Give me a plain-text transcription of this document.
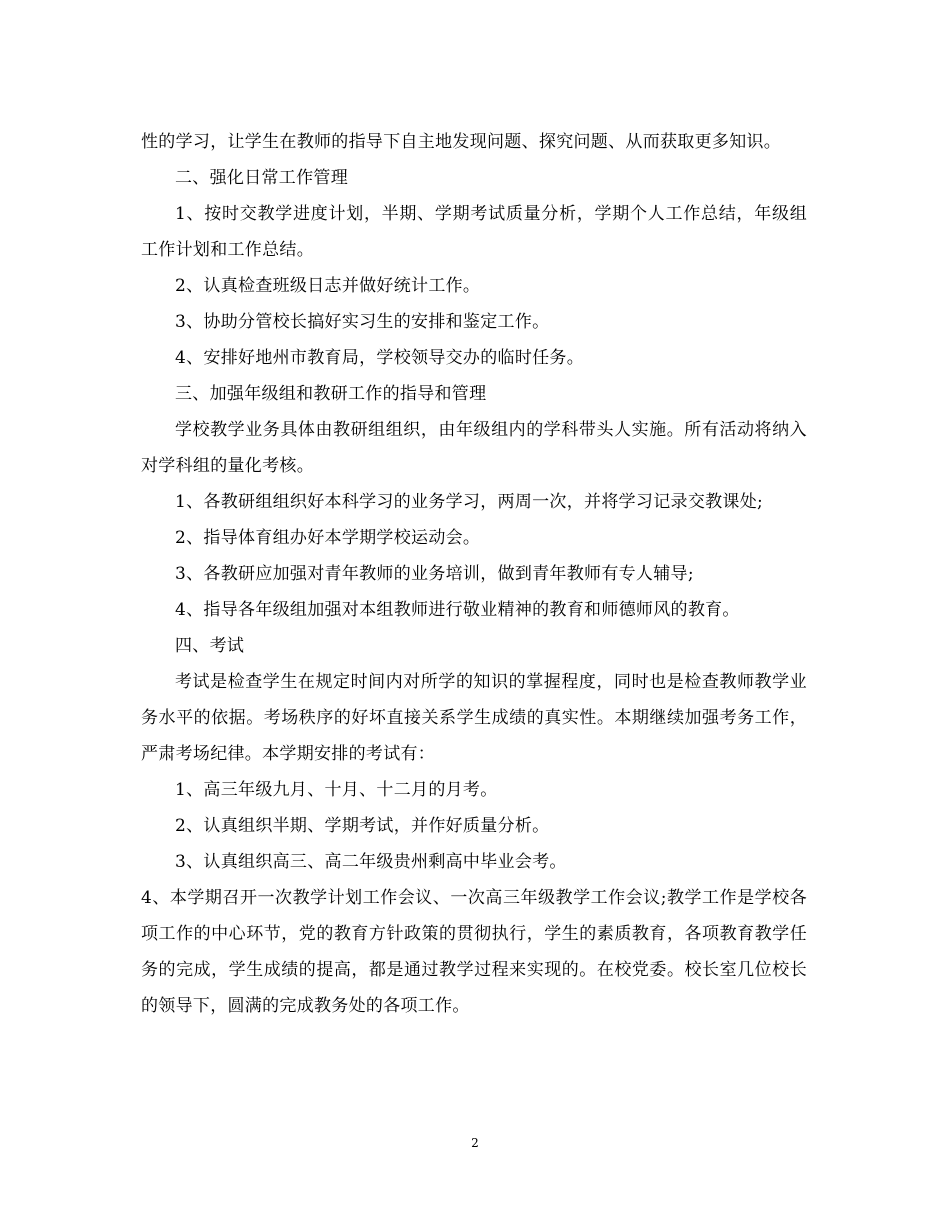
性的学习，让学生在教师的指导下自主地发现问题、探究问题、从而获取更多知识。

二、强化日常工作管理

1、按时交教学进度计划，半期、学期考试质量分析，学期个人工作总结，年级组工作计划和工作总结。

2、认真检查班级日志并做好统计工作。

3、协助分管校长搞好实习生的安排和鉴定工作。

4、安排好地州市教育局，学校领导交办的临时任务。

三、加强年级组和教研工作的指导和管理

学校教学业务具体由教研组组织，由年级组内的学科带头人实施。所有活动将纳入对学科组的量化考核。

1、各教研组组织好本科学习的业务学习，两周一次，并将学习记录交教课处;

2、指导体育组办好本学期学校运动会。

3、各教研应加强对青年教师的业务培训，做到青年教师有专人辅导;

4、指导各年级组加强对本组教师进行敬业精神的教育和师德师风的教育。

四、考试

考试是检查学生在规定时间内对所学的知识的掌握程度，同时也是检查教师教学业务水平的依据。考场秩序的好坏直接关系学生成绩的真实性。本期继续加强考务工作，严肃考场纪律。本学期安排的考试有：

1、高三年级九月、十月、十二月的月考。

2、认真组织半期、学期考试，并作好质量分析。

3、认真组织高三、高二年级贵州剩高中毕业会考。

4、本学期召开一次教学计划工作会议、一次高三年级教学工作会议;教学工作是学校各项工作的中心环节，党的教育方针政策的贯彻执行，学生的素质教育，各项教育教学任务的完成，学生成绩的提高，都是通过教学过程来实现的。在校党委。校长室几位校长的领导下，圆满的完成教务处的各项工作。

2
